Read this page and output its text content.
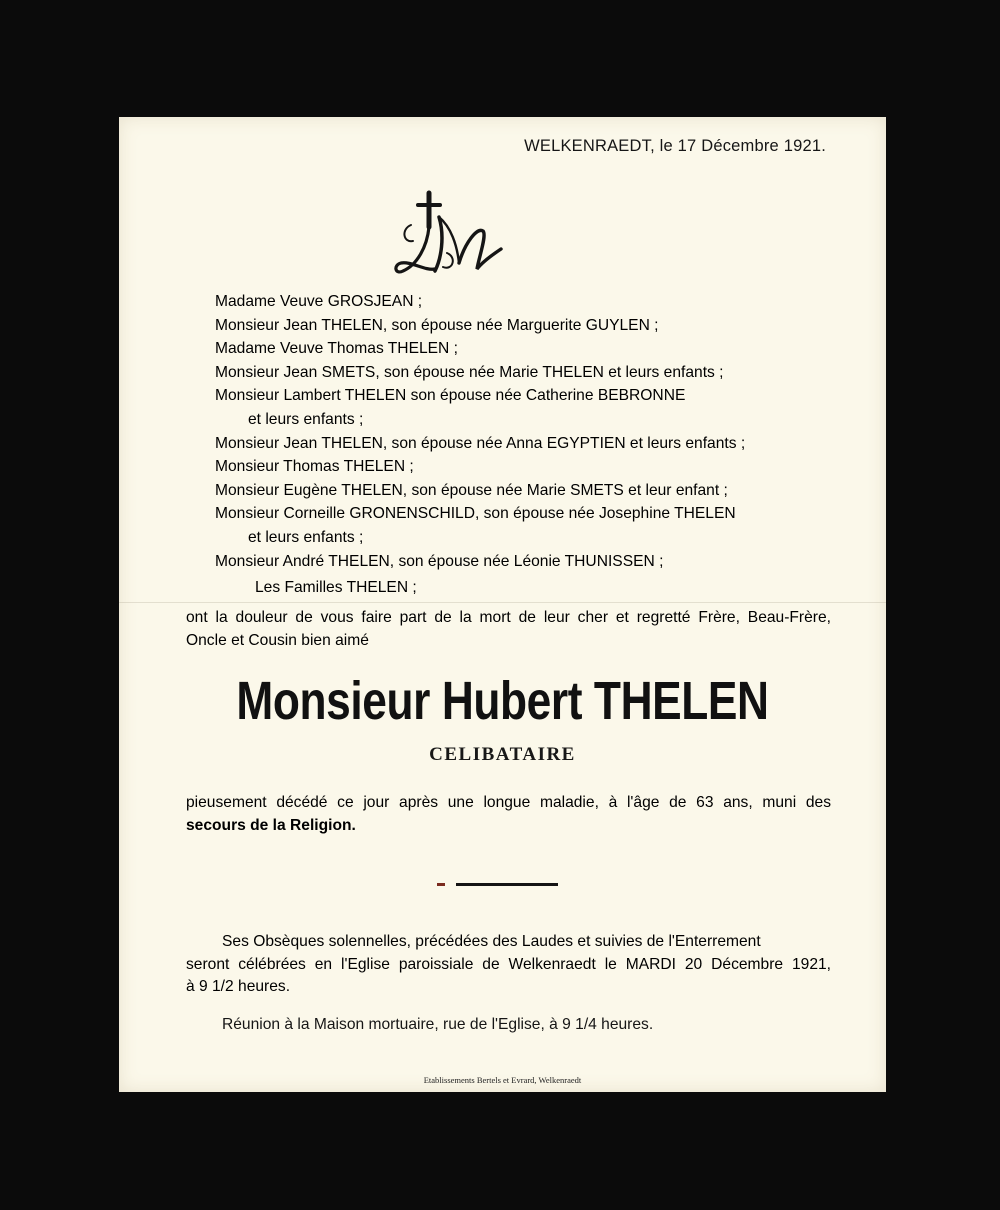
WELKENRAEDT, le 17 Décembre 1921.
Madame Veuve GROSJEAN ;
Monsieur Jean THELEN, son épouse née Marguerite GUYLEN ;
Madame Veuve Thomas THELEN ;
Monsieur Jean SMETS, son épouse née Marie THELEN et leurs enfants ;
Monsieur Lambert THELEN son épouse née Catherine BEBRONNE
et leurs enfants ;
Monsieur Jean THELEN, son épouse née Anna EGYPTIEN et leurs enfants ;
Monsieur Thomas THELEN ;
Monsieur Eugène THELEN, son épouse née Marie SMETS et leur enfant ;
Monsieur Corneille GRONENSCHILD, son épouse née Josephine THELEN
et leurs enfants ;
Monsieur André THELEN, son épouse née Léonie THUNISSEN ;
Les Familles THELEN ;
ont la douleur de vous faire part de la mort de leur cher et regretté Frère, Beau-Frère,
Oncle et Cousin bien aimé
Monsieur Hubert THELEN
CELIBATAIRE
pieusement décédé ce jour après une longue maladie, à l'âge de 63 ans, muni des
secours de la Religion.
Ses Obsèques solennelles, précédées des Laudes et suivies de l'Enterrement
seront célébrées en l'Eglise paroissiale de Welkenraedt le MARDI 20 Décembre 1921,
à 9 1/2 heures.
Réunion à la Maison mortuaire, rue de l'Eglise, à 9 1/4 heures.
Etablissements Bertels et Evrard, Welkenraedt
